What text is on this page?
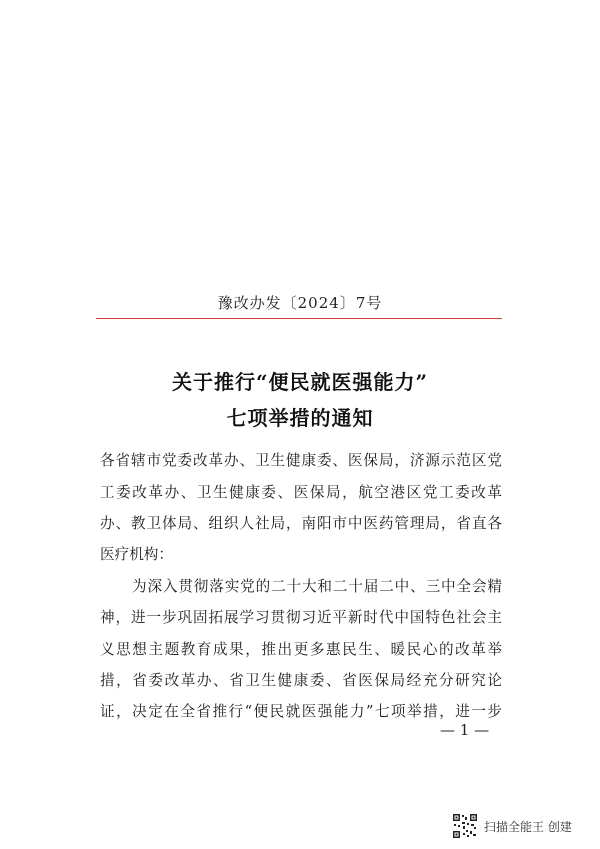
豫改办发〔2024〕7号
关于推行“便民就医强能力”
七项举措的通知
各省辖市党委改革办、卫生健康委、医保局，济源示范区党
工委改革办、卫生健康委、医保局，航空港区党工委改革
办、教卫体局、组织人社局，南阳市中医药管理局，省直各
医疗机构：
为深入贯彻落实党的二十大和二十届二中、三中全会精
神，进一步巩固拓展学习贯彻习近平新时代中国特色社会主
义思想主题教育成果，推出更多惠民生、暖民心的改革举
措，省委改革办、省卫生健康委、省医保局经充分研究论
证，决定在全省推行“便民就医强能力”七项举措，进一步
— 1 —
扫描全能王 创建
